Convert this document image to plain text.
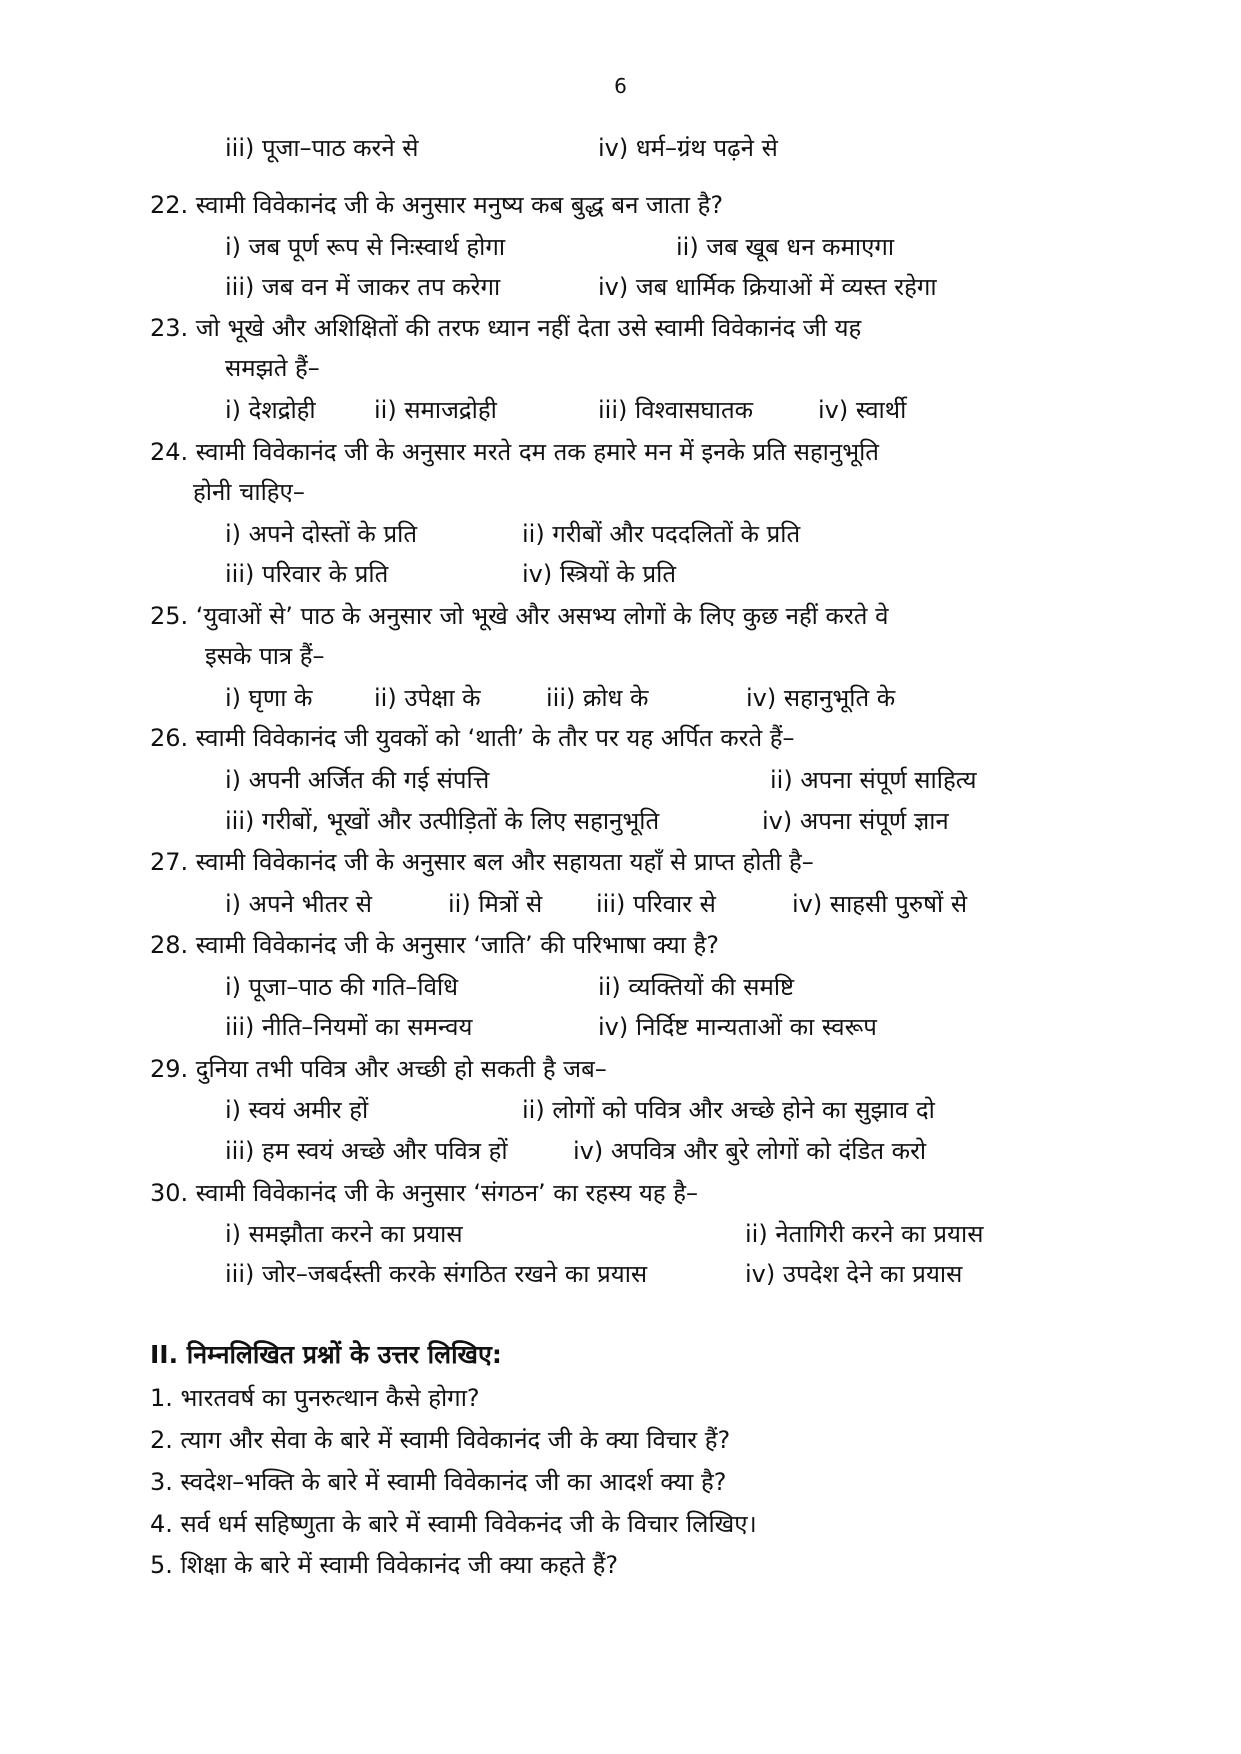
6
iii) पूजा–पाठ करने से	iv) धर्म–ग्रंथ पढ़ने से
22. स्वामी विवेकानंद जी के अनुसार मनुष्य कब बुद्ध बन जाता है?
i) जब पूर्ण रूप से निःस्वार्थ होगा	ii) जब खूब धन कमाएगा
iii) जब वन में जाकर तप करेगा	iv) जब धार्मिक क्रियाओं में व्यस्त रहेगा
23. जो भूखे और अशिक्षितों की तरफ ध्यान नहीं देता उसे स्वामी विवेकानंद जी यह
समझते हैं–
i) देशद्रोही ii) समाजद्रोही	iii) विश्वासघातक	iv) स्वार्थी
24. स्वामी विवेकानंद जी के अनुसार मरते दम तक हमारे मन में इनके प्रति सहानुभूति
होनी चाहिए–
i) अपने दोस्तों के प्रति	ii) गरीबों और पददलितों के प्रति
iii) परिवार के प्रति	iv) स्त्रियों के प्रति
25. ‘युवाओं से’ पाठ के अनुसार जो भूखे और असभ्य लोगों के लिए कुछ नहीं करते वे
इसके पात्र हैं–
i) घृणा के	ii) उपेक्षा के	iii) क्रोध के	iv) सहानुभूति के
26. स्वामी विवेकानंद जी युवकों को ‘थाती’ के तौर पर यह अर्पित करते हैं–
i) अपनी अर्जित की गई संपत्ति	ii) अपना संपूर्ण साहित्य
iii) गरीबों, भूखों और उत्पीड़ितों के लिए सहानुभूति	iv) अपना संपूर्ण ज्ञान
27. स्वामी विवेकानंद जी के अनुसार बल और सहायता यहाँ से प्राप्त होती है–
i) अपने भीतर से	ii) मित्रों से iii) परिवार से	iv) साहसी पुरुषों से
28. स्वामी विवेकानंद जी के अनुसार ‘जाति’ की परिभाषा क्या है?
i) पूजा–पाठ की गति–विधि	ii) व्यक्तियों की समष्टि
iii) नीति–नियमों का समन्वय	iv) निर्दिष्ट मान्यताओं का स्वरूप
29. दुनिया तभी पवित्र और अच्छी हो सकती है जब–
i) स्वयं अमीर हों	ii) लोगों को पवित्र और अच्छे होने का सुझाव दो
iii) हम स्वयं अच्छे और पवित्र हों	iv) अपवित्र और बुरे लोगों को दंडित करो
30. स्वामी विवेकानंद जी के अनुसार ‘संगठन’ का रहस्य यह है–
i) समझौता करने का प्रयास	ii) नेतागिरी करने का प्रयास
iii) जोर–जबर्दस्ती करके संगठित रखने का प्रयास	iv) उपदेश देने का प्रयास
II. निम्नलिखित प्रश्नों के उत्तर लिखिए:
1. भारतवर्ष का पुनरुत्थान कैसे होगा?
2. त्याग और सेवा के बारे में स्वामी विवेकानंद जी के क्या विचार हैं?
3. स्वदेश–भक्ति के बारे में स्वामी विवेकानंद जी का आदर्श क्या है?
4. सर्व धर्म सहिष्णुता के बारे में स्वामी विवेकनंद जी के विचार लिखिए।
5. शिक्षा के बारे में स्वामी विवेकानंद जी क्या कहते हैं?
